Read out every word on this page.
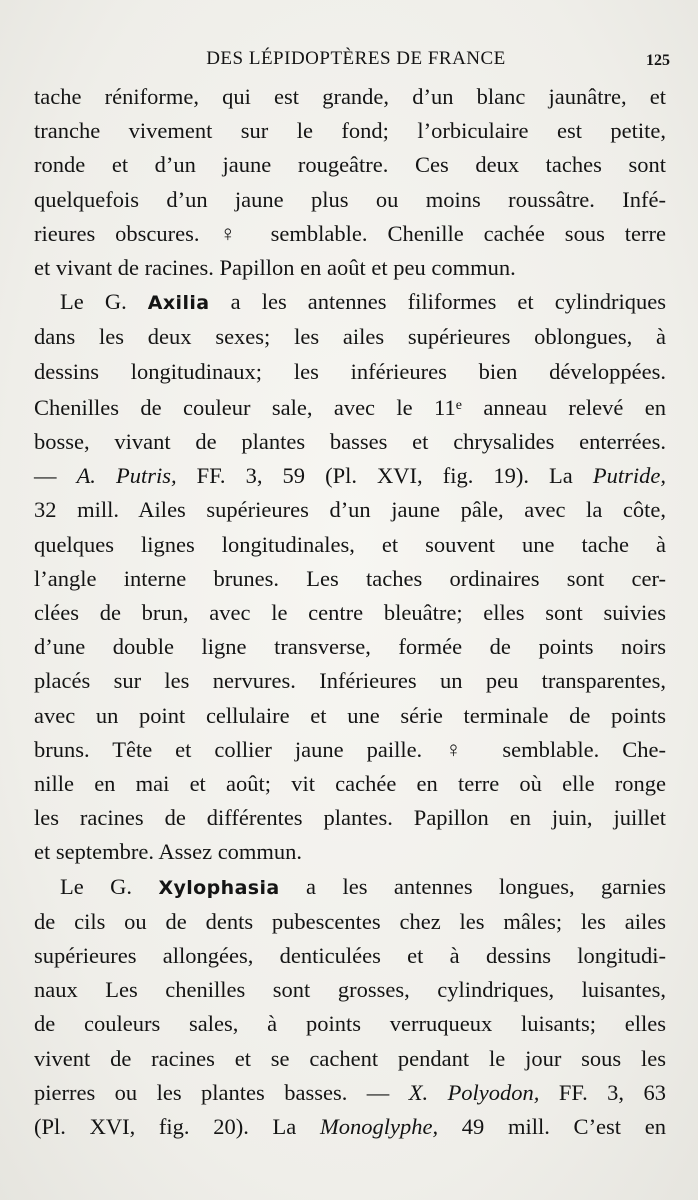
DES LÉPIDOPTÈRES DE FRANCE	125
tache réniforme, qui est grande, d’un blanc jaunâtre, et
tranche vivement sur le fond; l’orbiculaire est petite,
ronde et d’un jaune rougeâtre. Ces deux taches sont
quelquefois d’un jaune plus ou moins roussâtre. Infé-
rieures obscures. ♀ semblable. Chenille cachée sous terre
et vivant de racines. Papillon en août et peu commun.
Le G. Axilia a les antennes filiformes et cylindriques
dans les deux sexes; les ailes supérieures oblongues, à
dessins longitudinaux; les inférieures bien développées.
Chenilles de couleur sale, avec le 11e anneau relevé en
bosse, vivant de plantes basses et chrysalides enterrées.
— A. Putris, FF. 3, 59 (Pl. XVI, fig. 19). La Putride,
32 mill. Ailes supérieures d’un jaune pâle, avec la côte,
quelques lignes longitudinales, et souvent une tache à
l’angle interne brunes. Les taches ordinaires sont cer-
clées de brun, avec le centre bleuâtre; elles sont suivies
d’une double ligne transverse, formée de points noirs
placés sur les nervures. Inférieures un peu transparentes,
avec un point cellulaire et une série terminale de points
bruns. Tête et collier jaune paille. ♀ semblable. Che-
nille en mai et août; vit cachée en terre où elle ronge
les racines de différentes plantes. Papillon en juin, juillet
et septembre. Assez commun.
Le G. Xylophasia a les antennes longues, garnies
de cils ou de dents pubescentes chez les mâles; les ailes
supérieures allongées, denticulées et à dessins longitudi-
naux Les chenilles sont grosses, cylindriques, luisantes,
de couleurs sales, à points verruqueux luisants; elles
vivent de racines et se cachent pendant le jour sous les
pierres ou les plantes basses. — X. Polyodon, FF. 3, 63
(Pl. XVI, fig. 20). La Monoglyphe, 49 mill. C’est en
